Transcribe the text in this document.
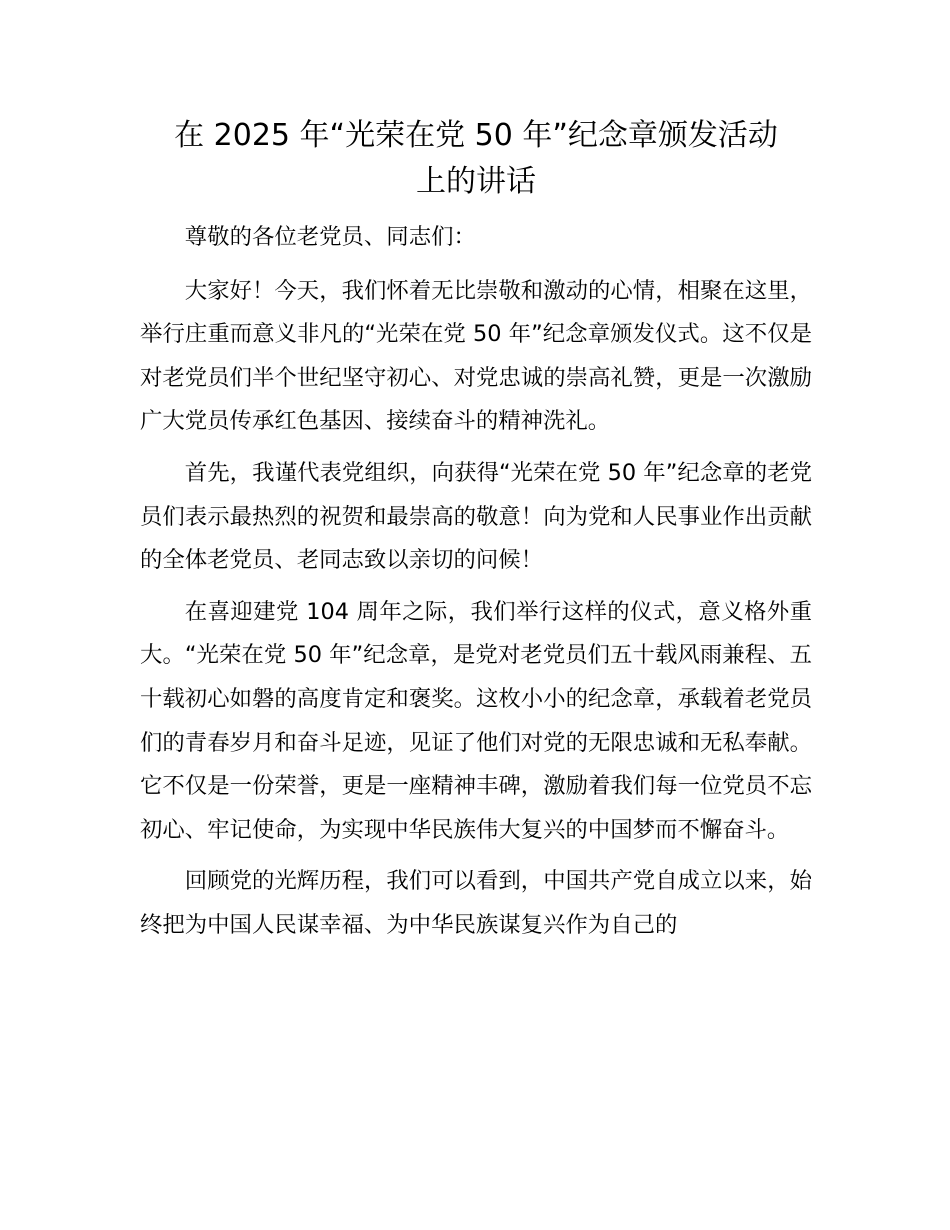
在 2025 年“光荣在党 50 年”纪念章颁发活动
上的讲话

尊敬的各位老党员、同志们：

大家好！今天，我们怀着无比崇敬和激动的心情，相聚在这里，举行庄重而意义非凡的“光荣在党 50 年”纪念章颁发仪式。这不仅是对老党员们半个世纪坚守初心、对党忠诚的崇高礼赞，更是一次激励广大党员传承红色基因、接续奋斗的精神洗礼。

首先，我谨代表党组织，向获得“光荣在党 50 年”纪念章的老党员们表示最热烈的祝贺和最崇高的敬意！向为党和人民事业作出贡献的全体老党员、老同志致以亲切的问候！

在喜迎建党 104 周年之际，我们举行这样的仪式，意义格外重大。“光荣在党 50 年”纪念章，是党对老党员们五十载风雨兼程、五十载初心如磐的高度肯定和褒奖。这枚小小的纪念章，承载着老党员们的青春岁月和奋斗足迹，见证了他们对党的无限忠诚和无私奉献。它不仅是一份荣誉，更是一座精神丰碑，激励着我们每一位党员不忘初心、牢记使命，为实现中华民族伟大复兴的中国梦而不懈奋斗。

回顾党的光辉历程，我们可以看到，中国共产党自成立以来，始终把为中国人民谋幸福、为中华民族谋复兴作为自己的
